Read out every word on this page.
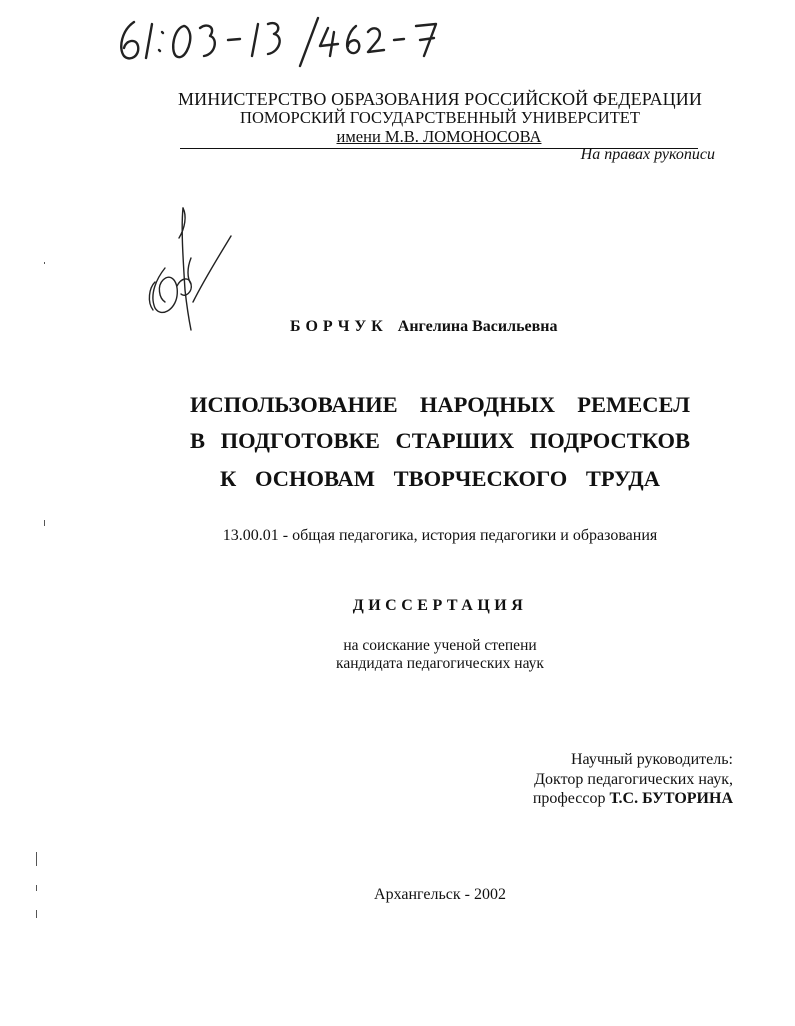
МИНИСТЕРСТВО ОБРАЗОВАНИЯ РОССИЙСКОЙ ФЕДЕРАЦИИ
ПОМОРСКИЙ ГОСУДАРСТВЕННЫЙ УНИВЕРСИТЕТ
имени М.В. ЛОМОНОСОВА
На правах рукописи
БОРЧУК Ангелина Васильевна
ИСПОЛЬЗОВАНИЕ НАРОДНЫХ РЕМЕСЕЛ
В ПОДГОТОВКЕ СТАРШИХ ПОДРОСТКОВ
К ОСНОВАМ ТВОРЧЕСКОГО ТРУДА
13.00.01 - общая педагогика, история педагогики и образования
ДИССЕРТАЦИЯ
на соискание ученой степени
кандидата педагогических наук
Научный руководитель:
Доктор педагогических наук,
профессор Т.С. БУТОРИНА
Архангельск - 2002
